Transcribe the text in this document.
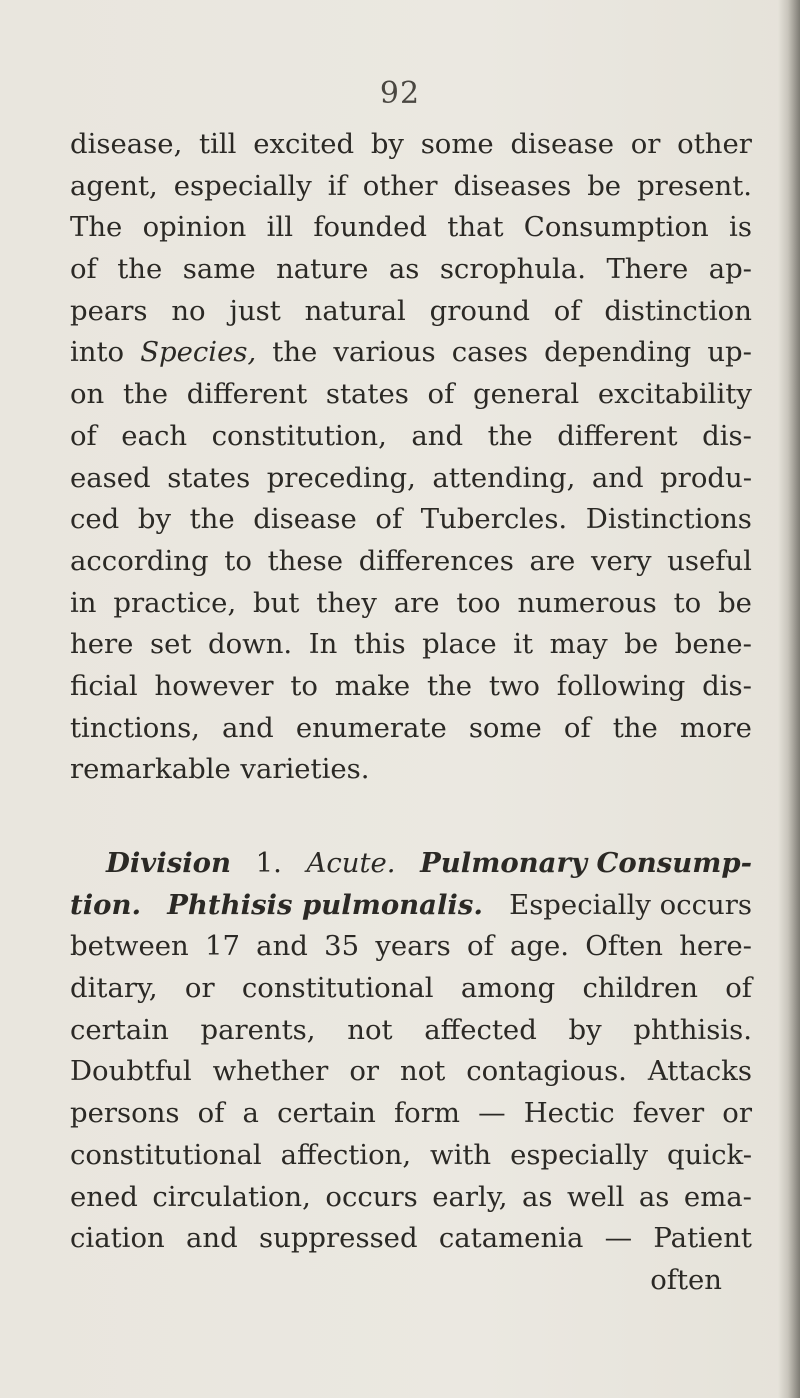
92
disease, till excited by some disease or other
agent, especially if other diseases be present.
The opinion ill founded that Consumption is
of the same nature as scrophula. There ap-
pears no just natural ground of distinction
into Species, the various cases depending up-
on the different states of general excitability
of each constitution, and the different dis-
eased states preceding, attending, and produ-
ced by the disease of Tubercles. Distinctions
according to these differences are very useful
in practice, but they are too numerous to be
here set down. In this place it may be bene-
ficial however to make the two following dis-
tinctions, and enumerate some of the more
remarkable varieties.
Division 1. Acute. Pulmonary Consump-
tion. Phthisis pulmonalis. Especially occurs
between 17 and 35 years of age. Often here-
ditary, or constitutional among children of
certain parents, not affected by phthisis.
Doubtful whether or not contagious. Attacks
persons of a certain form — Hectic fever or
constitutional affection, with especially quick-
ened circulation, occurs early, as well as ema-
ciation and suppressed catamenia — Patient
often
